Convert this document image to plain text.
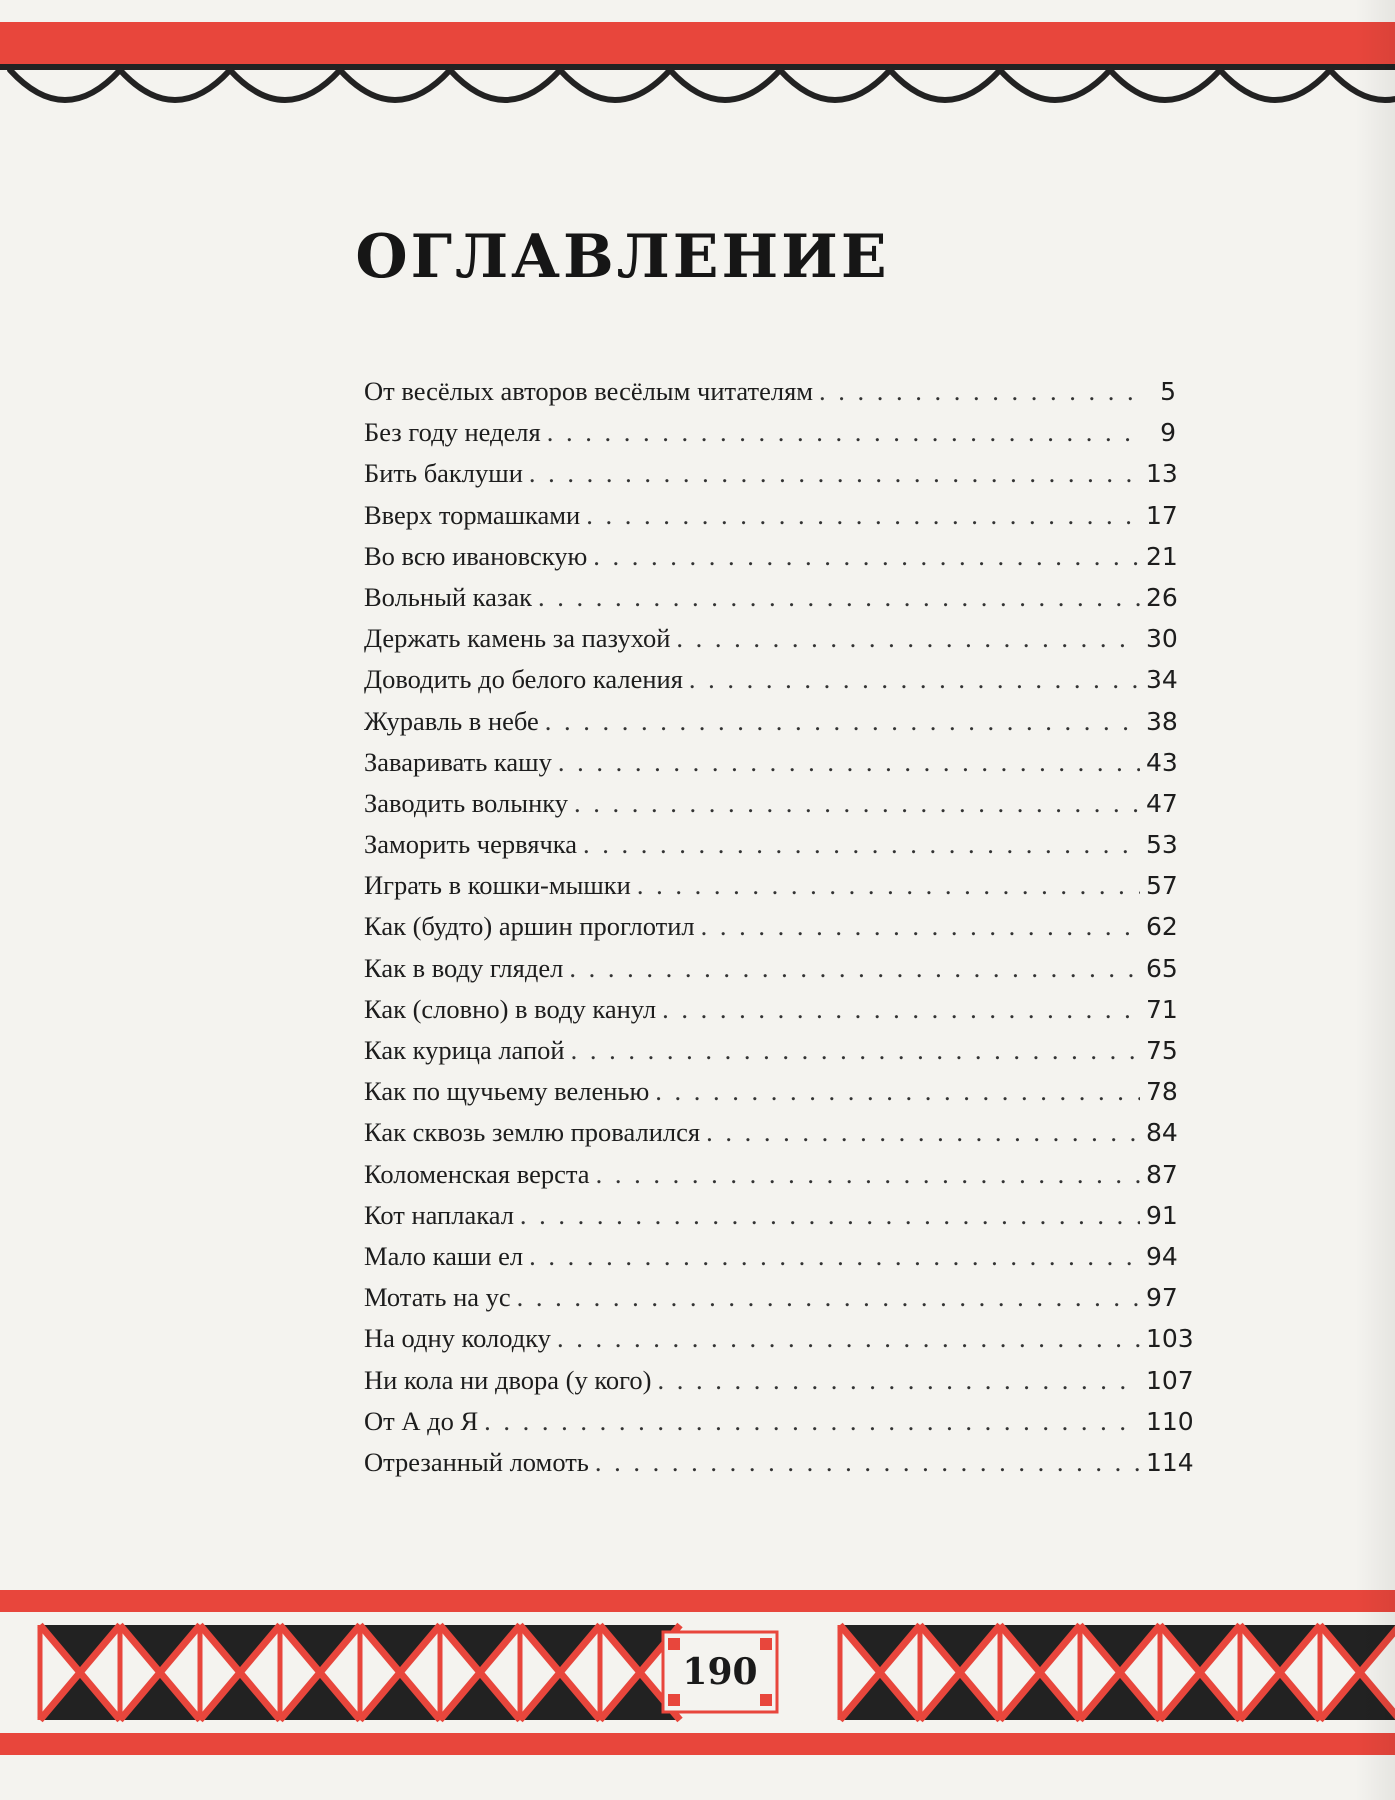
ОГЛАВЛЕНИЕ
От весёлых авторов весёлым читателям . . .	5
Без году неделя . . .	9
Бить баклуши . . .	13
Вверх тормашками . . .	17
Во всю ивановскую . . .	21
Вольный казак . . .	26
Держать камень за пазухой . . .	30
Доводить до белого каления . . .	34
Журавль в небе . . .	38
Заваривать кашу . . .	43
Заводить волынку . . .	47
Заморить червячка . . .	53
Играть в кошки-мышки . . .	57
Как (будто) аршин проглотил . . .	62
Как в воду глядел . . .	65
Как (словно) в воду канул . . .	71
Как курица лапой . . .	75
Как по щучьему веленью . . .	78
Как сквозь землю провалился . . .	84
Коломенская верста . . .	87
Кот наплакал . . .	91
Мало каши ел . . .	94
Мотать на ус . . .	97
На одну колодку . . .	103
Ни кола ни двора (у кого) . . .	107
От А до Я . . .	110
Отрезанный ломоть . . .	114
190
